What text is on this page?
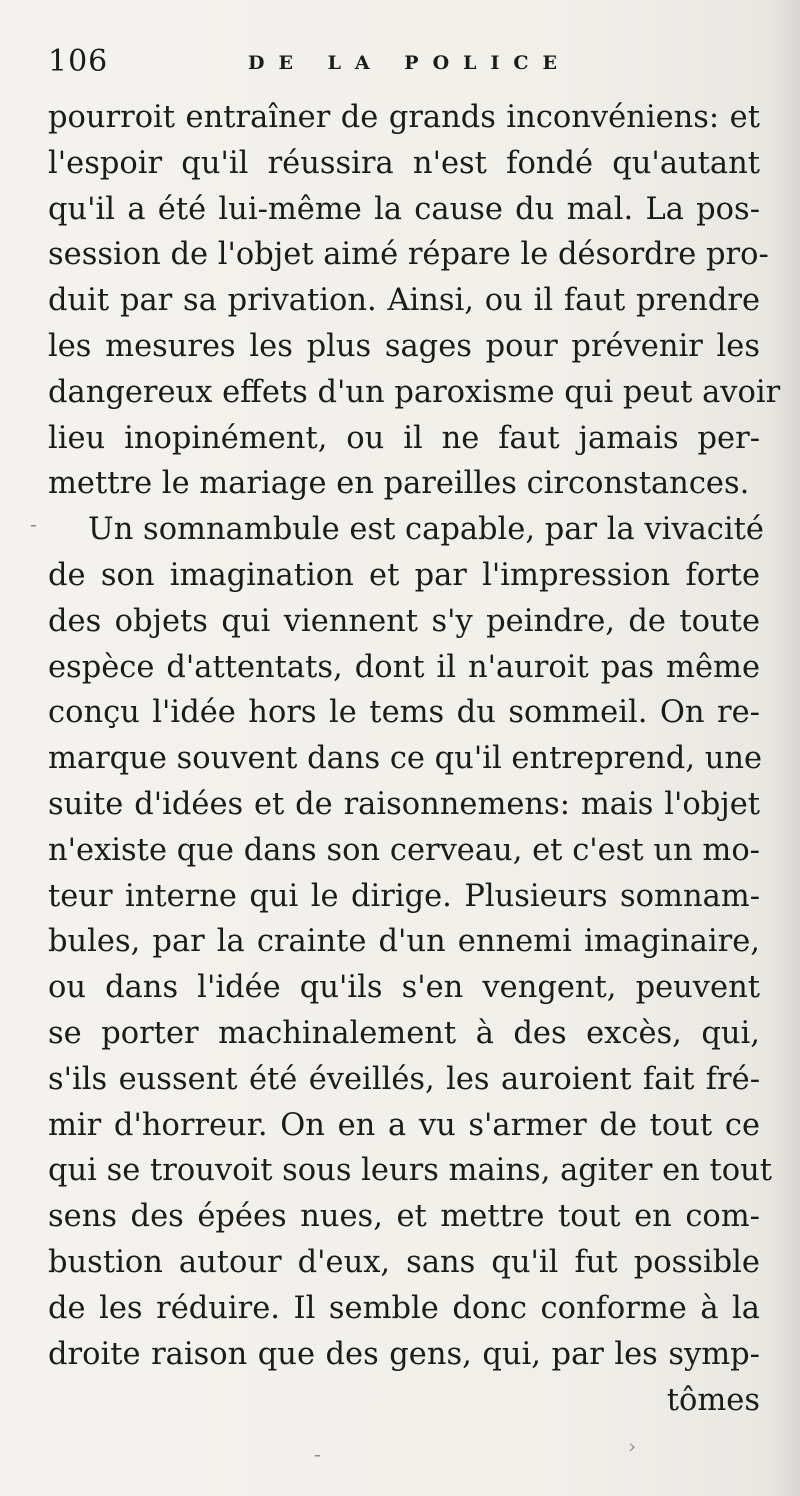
106	DE LA POLICE
pourroit entraîner de grands inconvéniens: et
l'espoir qu'il réussira n'est fondé qu'autant
qu'il a été lui-même la cause du mal. La pos-
session de l'objet aimé répare le désordre pro-
duit par sa privation. Ainsi, ou il faut prendre
les mesures les plus sages pour prévenir les
dangereux effets d'un paroxisme qui peut avoir
lieu inopinément, ou il ne faut jamais per-
mettre le mariage en pareilles circonstances.
Un somnambule est capable, par la vivacité
de son imagination et par l'impression forte
des objets qui viennent s'y peindre, de toute
espèce d'attentats, dont il n'auroit pas même
conçu l'idée hors le tems du sommeil. On re-
marque souvent dans ce qu'il entreprend, une
suite d'idées et de raisonnemens: mais l'objet
n'existe que dans son cerveau, et c'est un mo-
teur interne qui le dirige. Plusieurs somnam-
bules, par la crainte d'un ennemi imaginaire,
ou dans l'idée qu'ils s'en vengent, peuvent
se porter machinalement à des excès, qui,
s'ils eussent été éveillés, les auroient fait fré-
mir d'horreur. On en a vu s'armer de tout ce
qui se trouvoit sous leurs mains, agiter en tout
sens des épées nues, et mettre tout en com-
bustion autour d'eux, sans qu'il fut possible
de les réduire. Il semble donc conforme à la
droite raison que des gens, qui, par les symp-
tômes
-
-	›
